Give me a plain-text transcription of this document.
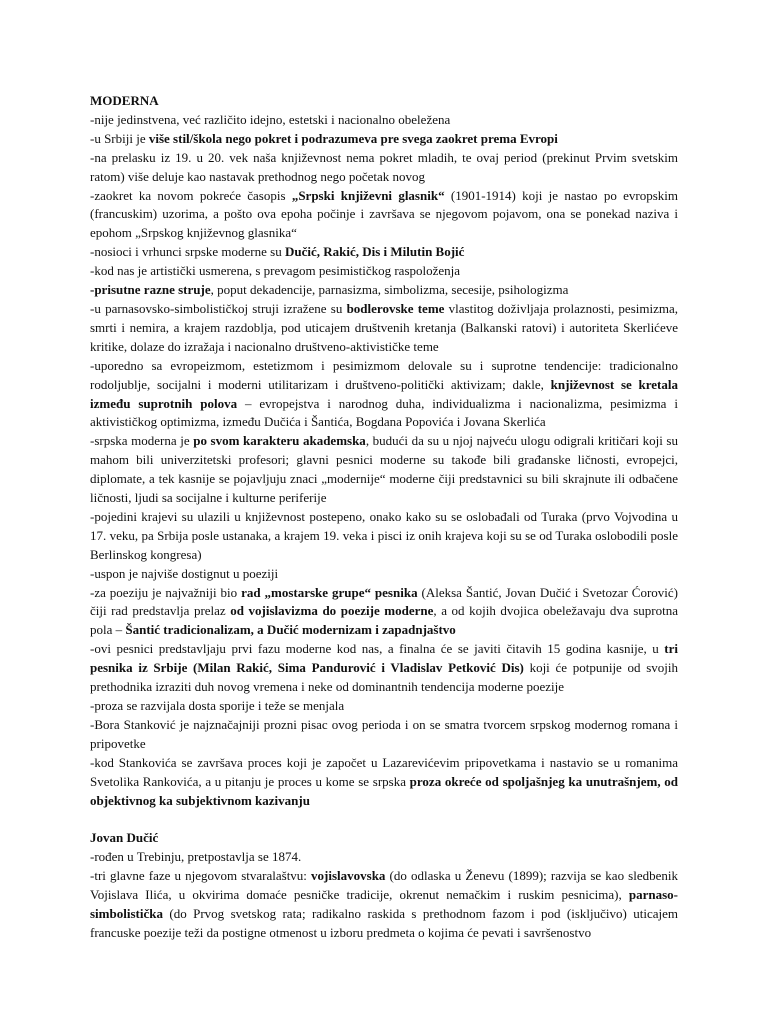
MODERNA

-nije jedinstvena, već različito idejno, estetski i nacionalno obeležena

-u Srbiji je više stil/škola nego pokret i podrazumeva pre svega zaokret prema Evropi

-na prelasku iz 19. u 20. vek naša književnost nema pokret mladih, te ovaj period (prekinut Prvim svetskim ratom) više deluje kao nastavak prethodnog nego početak novog

-zaokret ka novom pokreće časopis „Srpski književni glasnik“ (1901-1914) koji je nastao po evropskim (francuskim) uzorima, a pošto ova epoha počinje i završava se njegovom pojavom, ona se ponekad naziva i epohom „Srpskog književnog glasnika“

-nosioci i vrhunci srpske moderne su Dučić, Rakić, Dis i Milutin Bojić

-kod nas je artistički usmerena, s prevagom pesimističkog raspoloženja

-prisutne razne struje, poput dekadencije, parnasizma, simbolizma, secesije, psihologizma

-u parnasovsko-simbolističkoj struji izražene su bodlerovske teme vlastitog doživljaja prolaznosti, pesimizma, smrti i nemira, a krajem razdoblja, pod uticajem društvenih kretanja (Balkanski ratovi) i autoriteta Skerlićeve kritike, dolaze do izražaja i nacionalno društveno-aktivističke teme

-uporedno sa evropeizmom, estetizmom i pesimizmom delovale su i suprotne tendencije: tradicionalno rodoljublje, socijalni i moderni utilitarizam i društveno-politički aktivizam; dakle, književnost se kretala između suprotnih polova – evropejstva i narodnog duha, individualizma i nacionalizma, pesimizma i aktivističkog optimizma, između Dučića i Šantića, Bogdana Popovića i Jovana Skerlića

-srpska moderna je po svom karakteru akademska, budući da su u njoj najveću ulogu odigrali kritičari koji su mahom bili univerzitetski profesori; glavni pesnici moderne su takođe bili građanske ličnosti, evropejci, diplomate, a tek kasnije se pojavljuju znaci „modernije“ moderne čiji predstavnici su bili skrajnute ili odbačene ličnosti, ljudi sa socijalne i kulturne periferije

-pojedini krajevi su ulazili u književnost postepeno, onako kako su se oslobađali od Turaka (prvo Vojvodina u 17. veku, pa Srbija posle ustanaka, a krajem 19. veka i pisci iz onih krajeva koji su se od Turaka oslobodili posle Berlinskog kongresa)

-uspon je najviše dostignut u poeziji

-za poeziju je najvažniji bio rad „mostarske grupe“ pesnika (Aleksa Šantić, Jovan Dučić i Svetozar Ćorović) čiji rad predstavlja prelaz od vojislavizma do poezije moderne, a od kojih dvojica obeležavaju dva suprotna pola – Šantić tradicionalizam, a Dučić modernizam i zapadnjaštvo

-ovi pesnici predstavljaju prvi fazu moderne kod nas, a finalna će se javiti čitavih 15 godina kasnije, u tri pesnika iz Srbije (Milan Rakić, Sima Pandurović i Vladislav Petković Dis) koji će potpunije od svojih prethodnika izraziti duh novog vremena i neke od dominantnih tendencija moderne poezije

-proza se razvijala dosta sporije i teže se menjala

-Bora Stanković je najznačajniji prozni pisac ovog perioda i on se smatra tvorcem srpskog modernog romana i pripovetke

-kod Stankovića se završava proces koji je započet u Lazarevićevim pripovetkama i nastavio se u romanima Svetolika Rankovića, a u pitanju je proces u kome se srpska proza okreće od spoljašnjeg ka unutrašnjem, od objektivnog ka subjektivnom kazivanju

Jovan Dučić

-rođen u Trebinju, pretpostavlja se 1874.

-tri glavne faze u njegovom stvaralaštvu: vojislavovska (do odlaska u Ženevu (1899); razvija se kao sledbenik Vojislava Ilića, u okvirima domaće pesničke tradicije, okrenut nemačkim i ruskim pesnicima), parnaso-simbolistička (do Prvog svetskog rata; radikalno raskida s prethodnom fazom i pod (isključivo) uticajem francuske poezije teži da postigne otmenost u izboru predmeta o kojima će pevati i savršenostvo
